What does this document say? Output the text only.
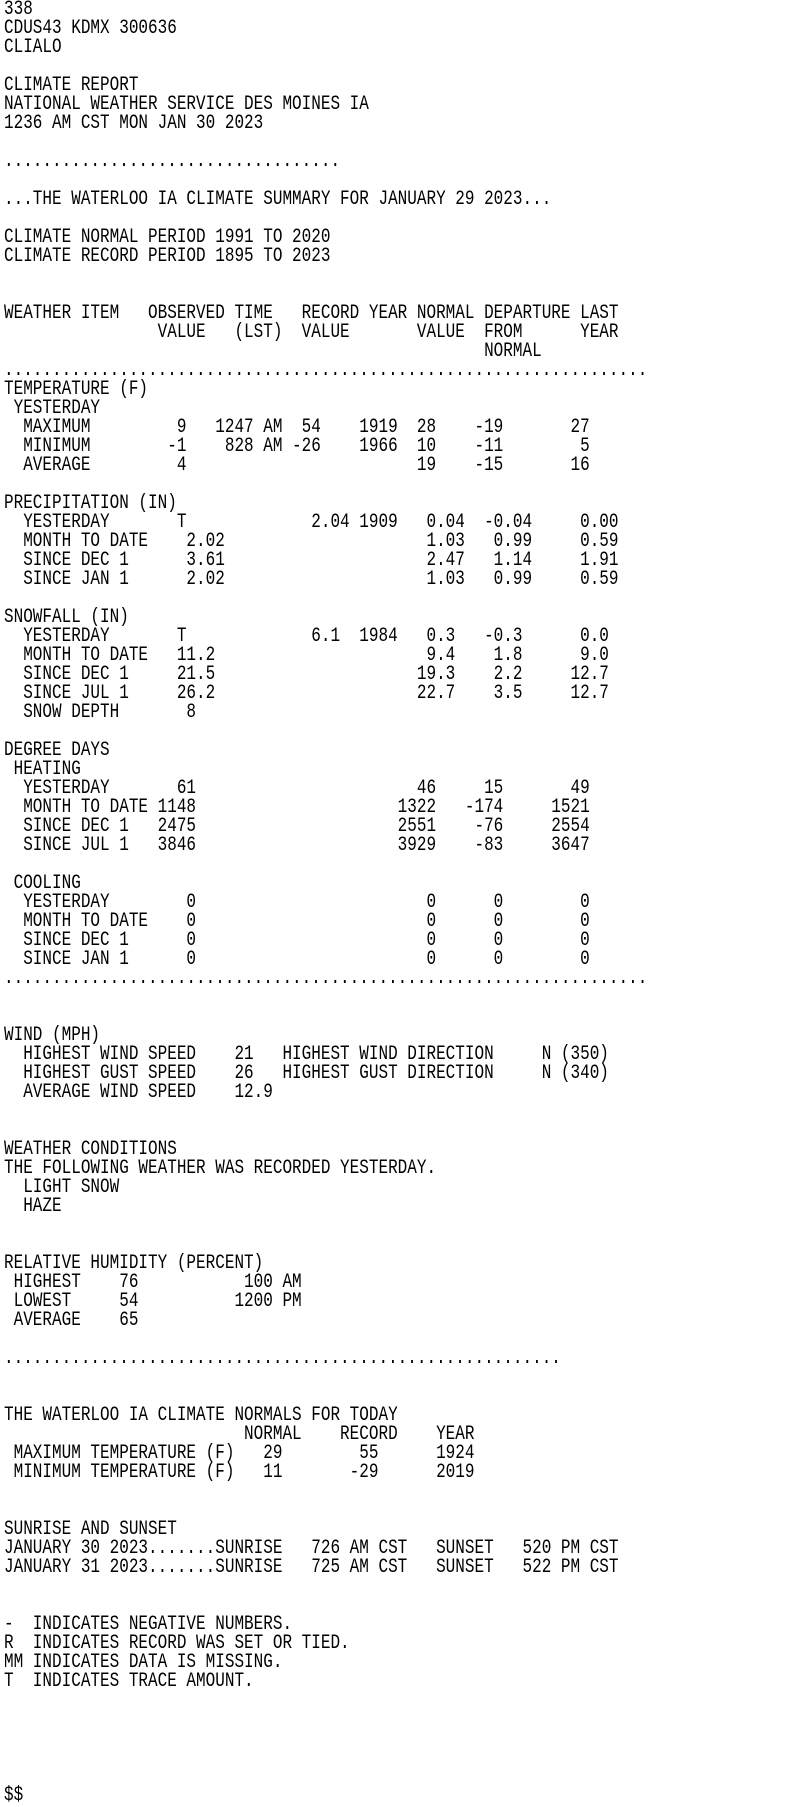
338
CDUS43 KDMX 300636
CLIALO
CLIMATE REPORT
NATIONAL WEATHER SERVICE DES MOINES IA
1236 AM CST MON JAN 30 2023
...................................
...THE WATERLOO IA CLIMATE SUMMARY FOR JANUARY 29 2023...
CLIMATE NORMAL PERIOD 1991 TO 2020
CLIMATE RECORD PERIOD 1895 TO 2023
WEATHER ITEM   OBSERVED TIME   RECORD YEAR NORMAL DEPARTURE LAST
VALUE   (LST)  VALUE       VALUE  FROM      YEAR
NORMAL
...................................................................
TEMPERATURE (F)
YESTERDAY
MAXIMUM         9   1247 AM  54    1919  28    -19       27
MINIMUM        -1    828 AM -26    1966  10    -11        5
AVERAGE         4                        19    -15       16
PRECIPITATION (IN)
YESTERDAY       T             2.04 1909   0.04  -0.04     0.00
MONTH TO DATE    2.02                     1.03   0.99     0.59
SINCE DEC 1      3.61                     2.47   1.14     1.91
SINCE JAN 1      2.02                     1.03   0.99     0.59
SNOWFALL (IN)
YESTERDAY       T             6.1  1984   0.3   -0.3      0.0
MONTH TO DATE   11.2                      9.4    1.8      9.0
SINCE DEC 1     21.5                     19.3    2.2     12.7
SINCE JUL 1     26.2                     22.7    3.5     12.7
SNOW DEPTH       8
DEGREE DAYS
HEATING
YESTERDAY       61                       46     15       49
MONTH TO DATE 1148                     1322   -174     1521
SINCE DEC 1   2475                     2551    -76     2554
SINCE JUL 1   3846                     3929    -83     3647
COOLING
YESTERDAY        0                        0      0        0
MONTH TO DATE    0                        0      0        0
SINCE DEC 1      0                        0      0        0
SINCE JAN 1      0                        0      0        0
...................................................................
WIND (MPH)
HIGHEST WIND SPEED    21   HIGHEST WIND DIRECTION     N (350)
HIGHEST GUST SPEED    26   HIGHEST GUST DIRECTION     N (340)
AVERAGE WIND SPEED    12.9
WEATHER CONDITIONS
THE FOLLOWING WEATHER WAS RECORDED YESTERDAY.
LIGHT SNOW
HAZE
RELATIVE HUMIDITY (PERCENT)
HIGHEST    76           100 AM
LOWEST     54          1200 PM
AVERAGE    65
..........................................................
THE WATERLOO IA CLIMATE NORMALS FOR TODAY
NORMAL    RECORD    YEAR
MAXIMUM TEMPERATURE (F)   29        55      1924
MINIMUM TEMPERATURE (F)   11       -29      2019
SUNRISE AND SUNSET
JANUARY 30 2023.......SUNRISE   726 AM CST   SUNSET   520 PM CST
JANUARY 31 2023.......SUNRISE   725 AM CST   SUNSET   522 PM CST
-  INDICATES NEGATIVE NUMBERS.
R  INDICATES RECORD WAS SET OR TIED.
MM INDICATES DATA IS MISSING.
T  INDICATES TRACE AMOUNT.
$$
